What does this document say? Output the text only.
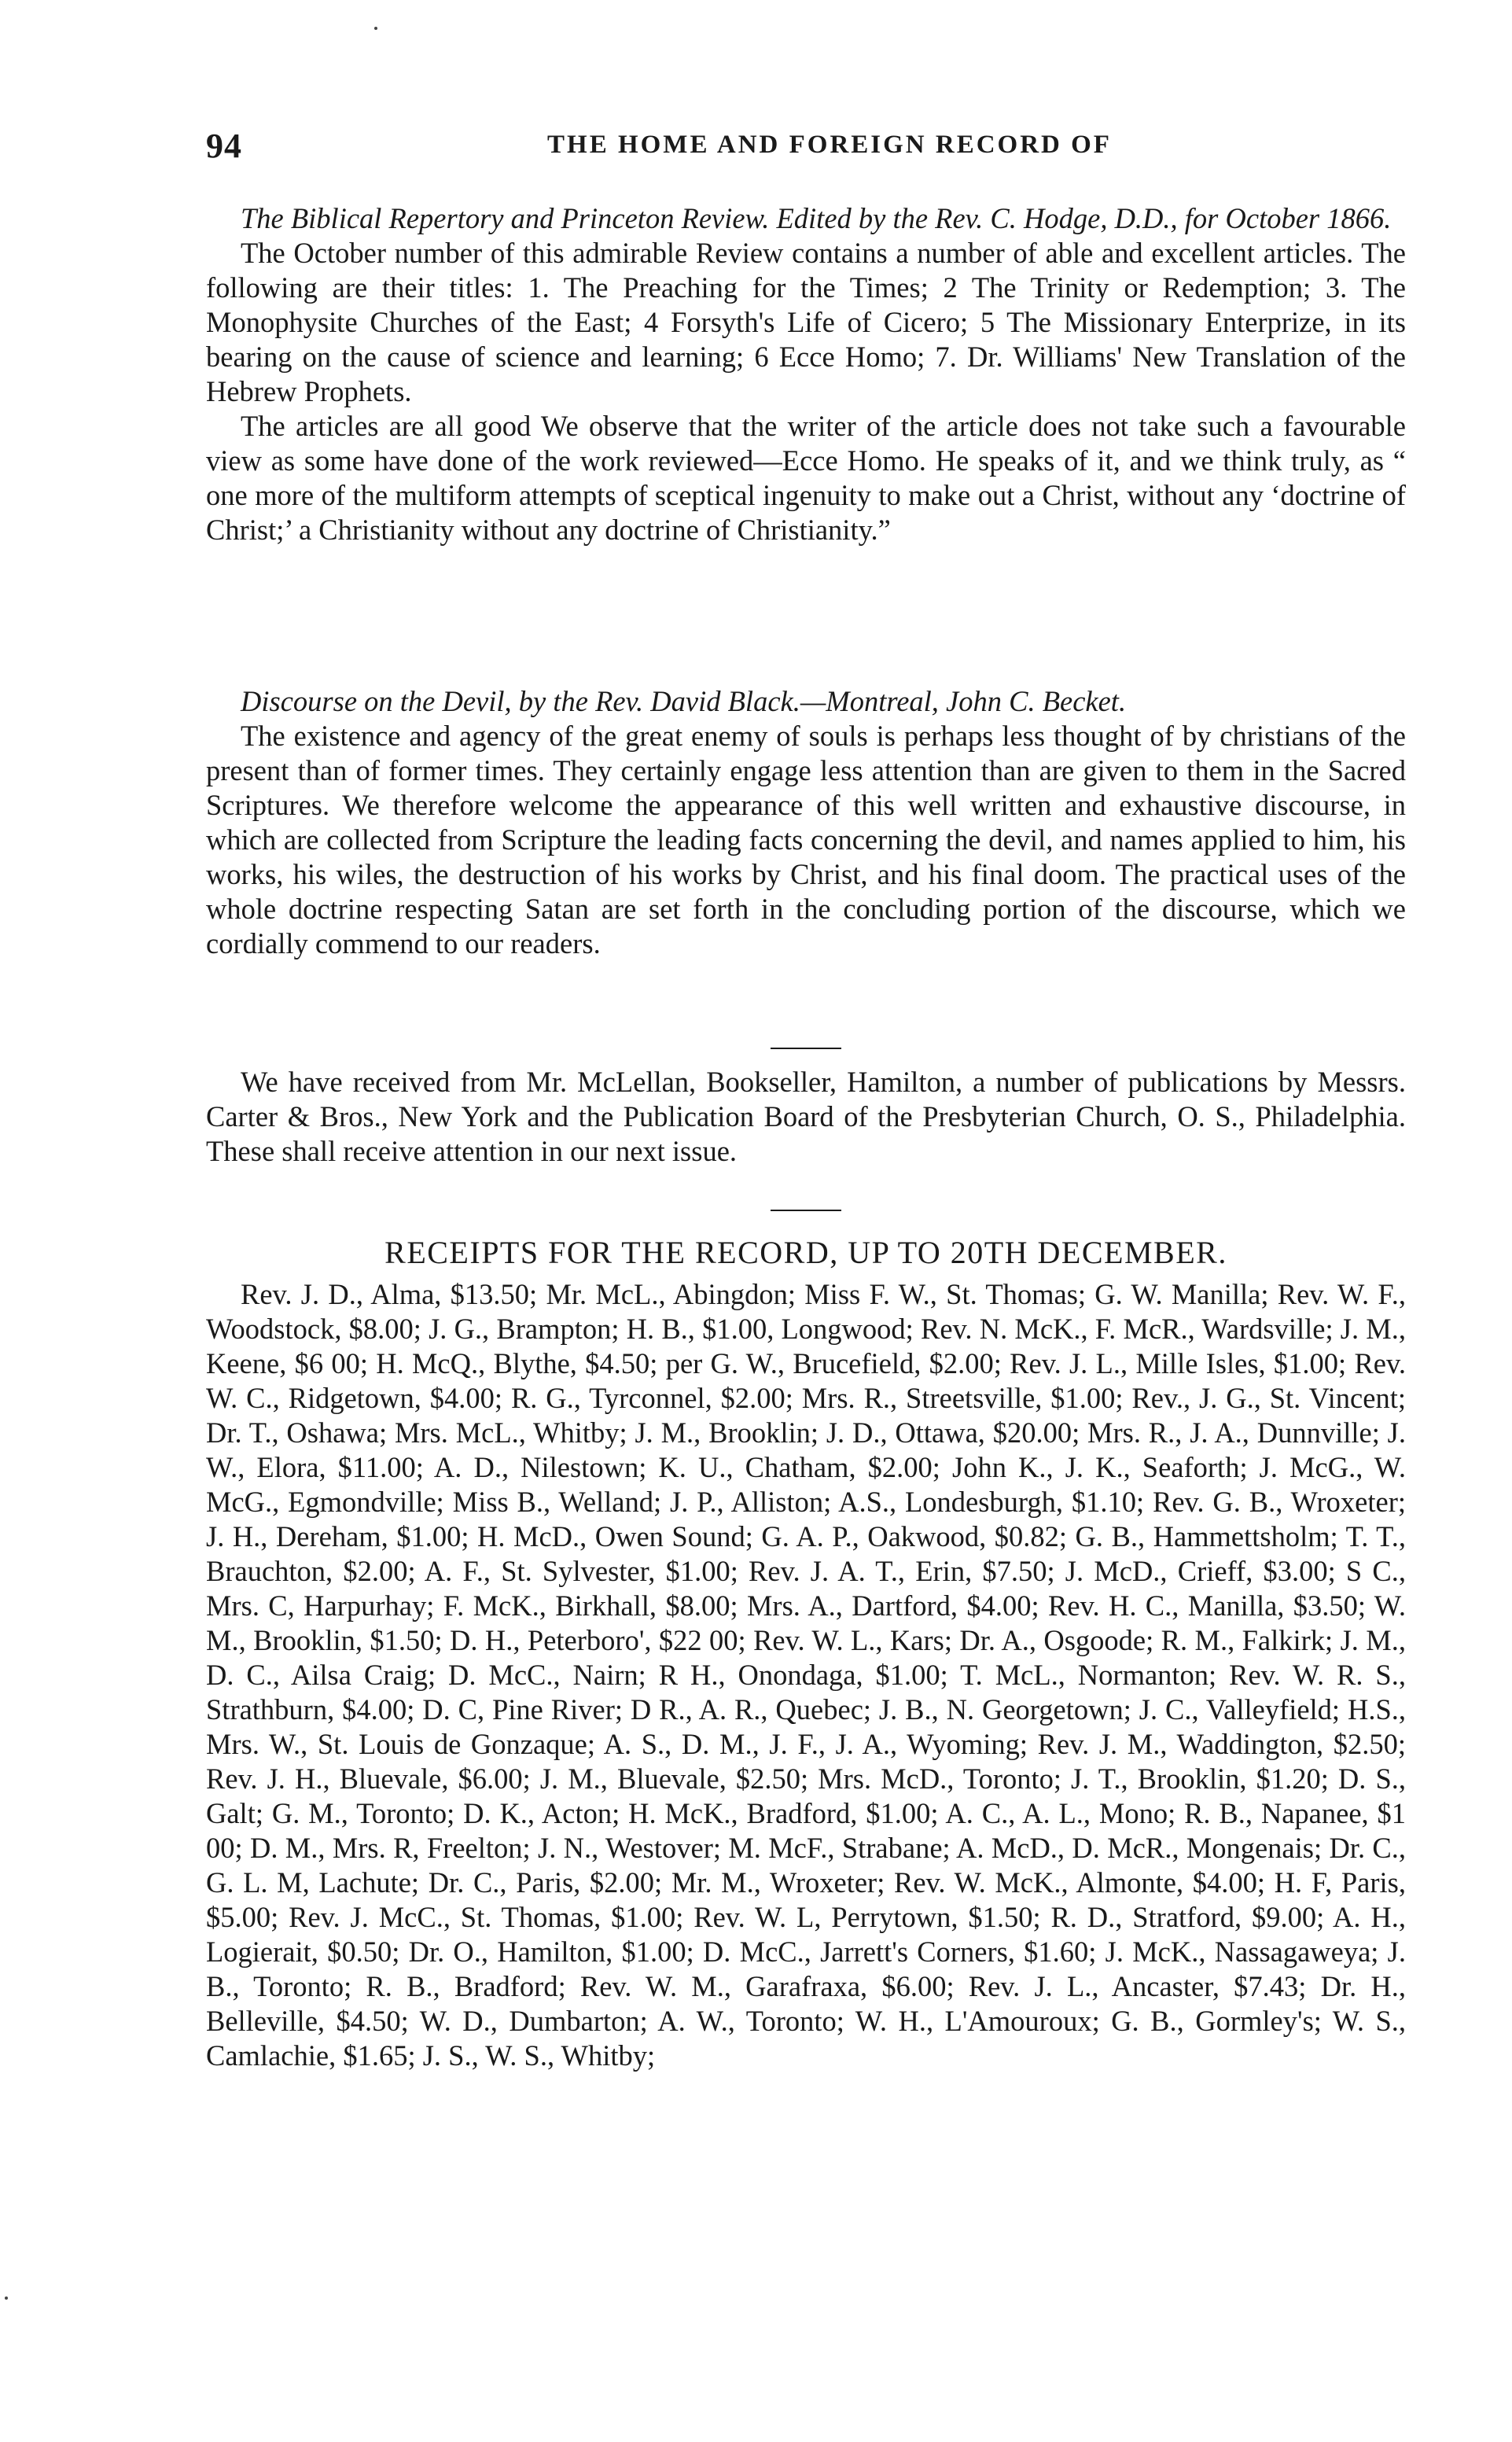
94	THE HOME AND FOREIGN RECORD OF

The Biblical Repertory and Princeton Review. Edited by the Rev. C. Hodge, D.D., for October 1866.

The October number of this admirable Review contains a number of able and excellent articles. The following are their titles: 1. The Preaching for the Times; 2 The Trinity or Redemption; 3. The Monophysite Churches of the East; 4 Forsyth's Life of Cicero; 5 The Missionary Enterprize, in its bearing on the cause of science and learning; 6 Ecce Homo; 7. Dr. Williams' New Translation of the Hebrew Prophets.

The articles are all good We observe that the writer of the article does not take such a favourable view as some have done of the work reviewed—Ecce Homo. He speaks of it, and we think truly, as “ one more of the multiform attempts of sceptical ingenuity to make out a Christ, without any ‘doctrine of Christ;’ a Christianity without any doctrine of Christianity.”

Discourse on the Devil, by the Rev. David Black.—Montreal, John C. Becket.

The existence and agency of the great enemy of souls is perhaps less thought of by christians of the present than of former times. They certainly engage less attention than are given to them in the Sacred Scriptures. We therefore welcome the appearance of this well written and exhaustive discourse, in which are collected from Scripture the leading facts concerning the devil, and names applied to him, his works, his wiles, the destruction of his works by Christ, and his final doom. The practical uses of the whole doctrine respecting Satan are set forth in the concluding portion of the discourse, which we cordially commend to our readers.

We have received from Mr. McLellan, Bookseller, Hamilton, a number of publications by Messrs. Carter & Bros., New York and the Publication Board of the Presbyterian Church, O. S., Philadelphia. These shall receive attention in our next issue.

RECEIPTS FOR THE RECORD, UP TO 20TH DECEMBER.

Rev. J. D., Alma, $13.50; Mr. McL., Abingdon; Miss F. W., St. Thomas; G. W. Manilla; Rev. W. F., Woodstock, $8.00; J. G., Brampton; H. B., $1.00, Longwood; Rev. N. McK., F. McR., Wardsville; J. M., Keene, $6 00; H. McQ., Blythe, $4.50; per G. W., Brucefield, $2.00; Rev. J. L., Mille Isles, $1.00; Rev. W. C., Ridgetown, $4.00; R. G., Tyrconnel, $2.00; Mrs. R., Streetsville, $1.00; Rev., J. G., St. Vincent; Dr. T., Oshawa; Mrs. McL., Whitby; J. M., Brooklin; J. D., Ottawa, $20.00; Mrs. R., J. A., Dunnville; J. W., Elora, $11.00; A. D., Nilestown; K. U., Chatham, $2.00; John K., J. K., Seaforth; J. McG., W. McG., Egmondville; Miss B., Welland; J. P., Alliston; A.S., Londesburgh, $1.10; Rev. G. B., Wroxeter; J. H., Dereham, $1.00; H. McD., Owen Sound; G. A. P., Oakwood, $0.82; G. B., Hammettsholm; T. T., Brauchton, $2.00; A. F., St. Sylvester, $1.00; Rev. J. A. T., Erin, $7.50; J. McD., Crieff, $3.00; S C., Mrs. C, Harpurhay; F. McK., Birkhall, $8.00; Mrs. A., Dartford, $4.00; Rev. H. C., Manilla, $3.50; W. M., Brooklin, $1.50; D. H., Peterboro', $22 00; Rev. W. L., Kars; Dr. A., Osgoode; R. M., Falkirk; J. M., D. C., Ailsa Craig; D. McC., Nairn; R H., Onondaga, $1.00; T. McL., Normanton; Rev. W. R. S., Strathburn, $4.00; D. C, Pine River; D R., A. R., Quebec; J. B., N. Georgetown; J. C., Valleyfield; H.S., Mrs. W., St. Louis de Gonzaque; A. S., D. M., J. F., J. A., Wyoming; Rev. J. M., Waddington, $2.50; Rev. J. H., Bluevale, $6.00; J. M., Bluevale, $2.50; Mrs. McD., Toronto; J. T., Brooklin, $1.20; D. S., Galt; G. M., Toronto; D. K., Acton; H. McK., Bradford, $1.00; A. C., A. L., Mono; R. B., Napanee, $1 00; D. M., Mrs. R, Freelton; J. N., Westover; M. McF., Strabane; A. McD., D. McR., Mongenais; Dr. C., G. L. M, Lachute; Dr. C., Paris, $2.00; Mr. M., Wroxeter; Rev. W. McK., Almonte, $4.00; H. F, Paris, $5.00; Rev. J. McC., St. Thomas, $1.00; Rev. W. L, Perrytown, $1.50; R. D., Stratford, $9.00; A. H., Logierait, $0.50; Dr. O., Hamilton, $1.00; D. McC., Jarrett's Corners, $1.60; J. McK., Nassagaweya; J. B., Toronto; R. B., Bradford; Rev. W. M., Garafraxa, $6.00; Rev. J. L., Ancaster, $7.43; Dr. H., Belleville, $4.50; W. D., Dumbarton; A. W., Toronto; W. H., L'Amouroux; G. B., Gormley's; W. S., Camlachie, $1.65; J. S., W. S., Whitby;
